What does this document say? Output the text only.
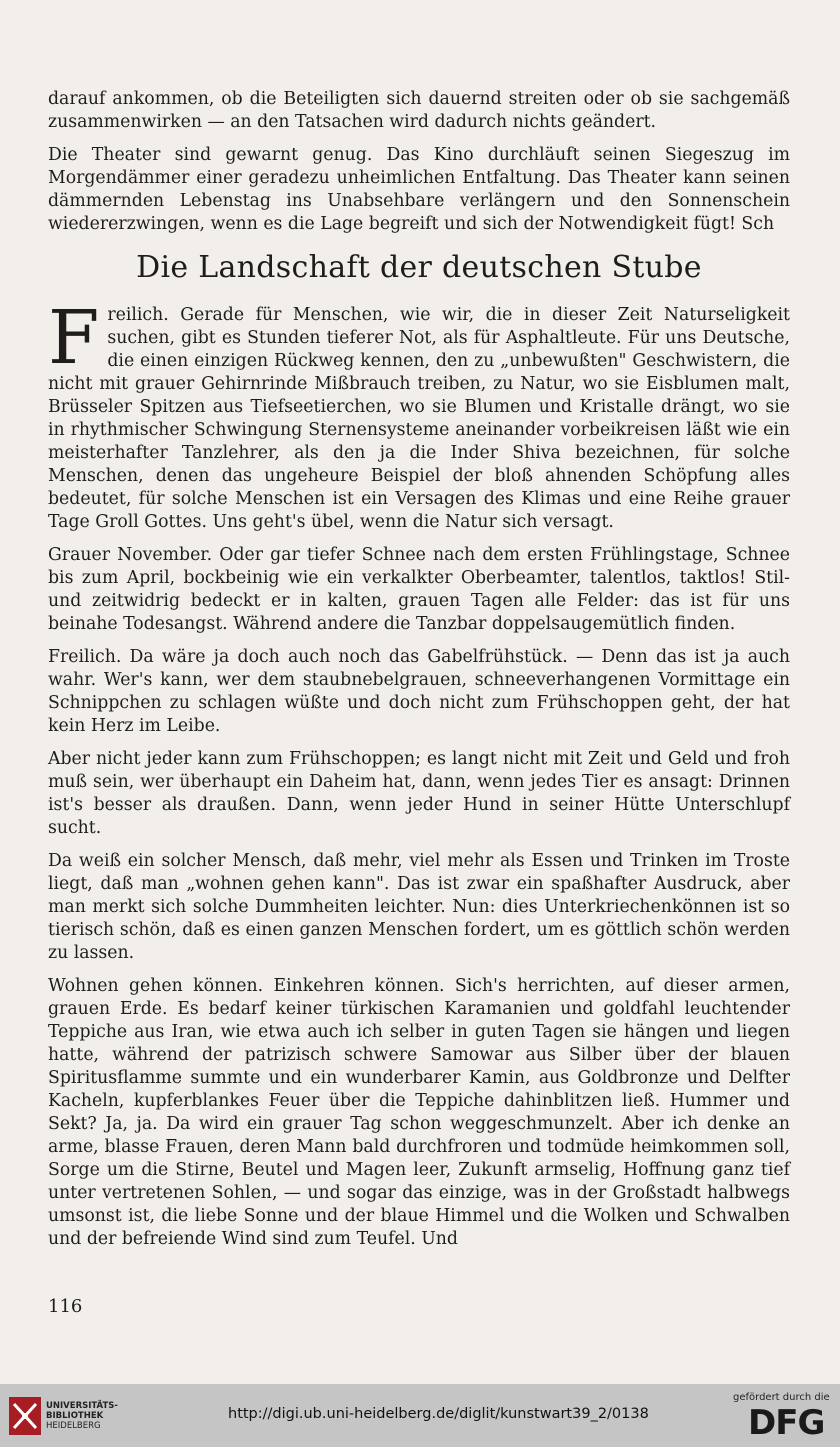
darauf ankommen, ob die Beteiligten sich dauernd streiten oder ob sie sachgemäß zusammenwirken — an den Tatsachen wird dadurch nichts geändert.

Die Theater sind gewarnt genug. Das Kino durchläuft seinen Siegeszug im Morgendämmer einer geradezu unheimlichen Entfaltung. Das Theater kann seinen dämmernden Lebenstag ins Unabsehbare verlängern und den Sonnenschein wiedererzwingen, wenn es die Lage begreift und sich der Notwendigkeit fügt! Sch

Die Landschaft der deutschen Stube

Freilich. Gerade für Menschen, wie wir, die in dieser Zeit Naturseligkeit suchen, gibt es Stunden tieferer Not, als für Asphaltleute. Für uns Deutsche, die einen einzigen Rückweg kennen, den zu „unbewußten" Geschwistern, die nicht mit grauer Gehirnrinde Mißbrauch treiben, zu Natur, wo sie Eisblumen malt, Brüsseler Spitzen aus Tiefseetierchen, wo sie Blumen und Kristalle drängt, wo sie in rhythmischer Schwingung Sternensysteme aneinander vorbeikreisen läßt wie ein meisterhafter Tanzlehrer, als den ja die Inder Shiva bezeichnen, für solche Menschen, denen das ungeheure Beispiel der bloß ahnenden Schöpfung alles bedeutet, für solche Menschen ist ein Versagen des Klimas und eine Reihe grauer Tage Groll Gottes. Uns geht's übel, wenn die Natur sich versagt.

Grauer November. Oder gar tiefer Schnee nach dem ersten Frühlingstage, Schnee bis zum April, bockbeinig wie ein verkalkter Oberbeamter, talentlos, taktlos! Stil- und zeitwidrig bedeckt er in kalten, grauen Tagen alle Felder: das ist für uns beinahe Todesangst. Während andere die Tanzbar doppelsaugemütlich finden.

Freilich. Da wäre ja doch auch noch das Gabelfrühstück. — Denn das ist ja auch wahr. Wer's kann, wer dem staubnebelgrauen, schneeverhangenen Vormittage ein Schnippchen zu schlagen wüßte und doch nicht zum Frühschoppen geht, der hat kein Herz im Leibe.

Aber nicht jeder kann zum Frühschoppen; es langt nicht mit Zeit und Geld und froh muß sein, wer überhaupt ein Daheim hat, dann, wenn jedes Tier es ansagt: Drinnen ist's besser als draußen. Dann, wenn jeder Hund in seiner Hütte Unterschlupf sucht.

Da weiß ein solcher Mensch, daß mehr, viel mehr als Essen und Trinken im Troste liegt, daß man „wohnen gehen kann". Das ist zwar ein spaßhafter Ausdruck, aber man merkt sich solche Dummheiten leichter. Nun: dies Unterkriechenkönnen ist so tierisch schön, daß es einen ganzen Menschen fordert, um es göttlich schön werden zu lassen.

Wohnen gehen können. Einkehren können. Sich's herrichten, auf dieser armen, grauen Erde. Es bedarf keiner türkischen Karamanien und goldfahl leuchtender Teppiche aus Iran, wie etwa auch ich selber in guten Tagen sie hängen und liegen hatte, während der patrizisch schwere Samowar aus Silber über der blauen Spiritusflamme summte und ein wunderbarer Kamin, aus Goldbronze und Delfter Kacheln, kupferblankes Feuer über die Teppiche dahinblitzen ließ. Hummer und Sekt? Ja, ja. Da wird ein grauer Tag schon weggeschmunzelt. Aber ich denke an arme, blasse Frauen, deren Mann bald durchfroren und todmüde heimkommen soll, Sorge um die Stirne, Beutel und Magen leer, Zukunft armselig, Hoffnung ganz tief unter vertretenen Sohlen, — und sogar das einzige, was in der Großstadt halbwegs umsonst ist, die liebe Sonne und der blaue Himmel und die Wolken und Schwalben und der befreiende Wind sind zum Teufel. Und

116
UNIVERSITÄTS-
BIBLIOTHEK
HEIDELBERG
http://digi.ub.uni-heidelberg.de/diglit/kunstwart39_2/0138
gefördert durch die
DFG
